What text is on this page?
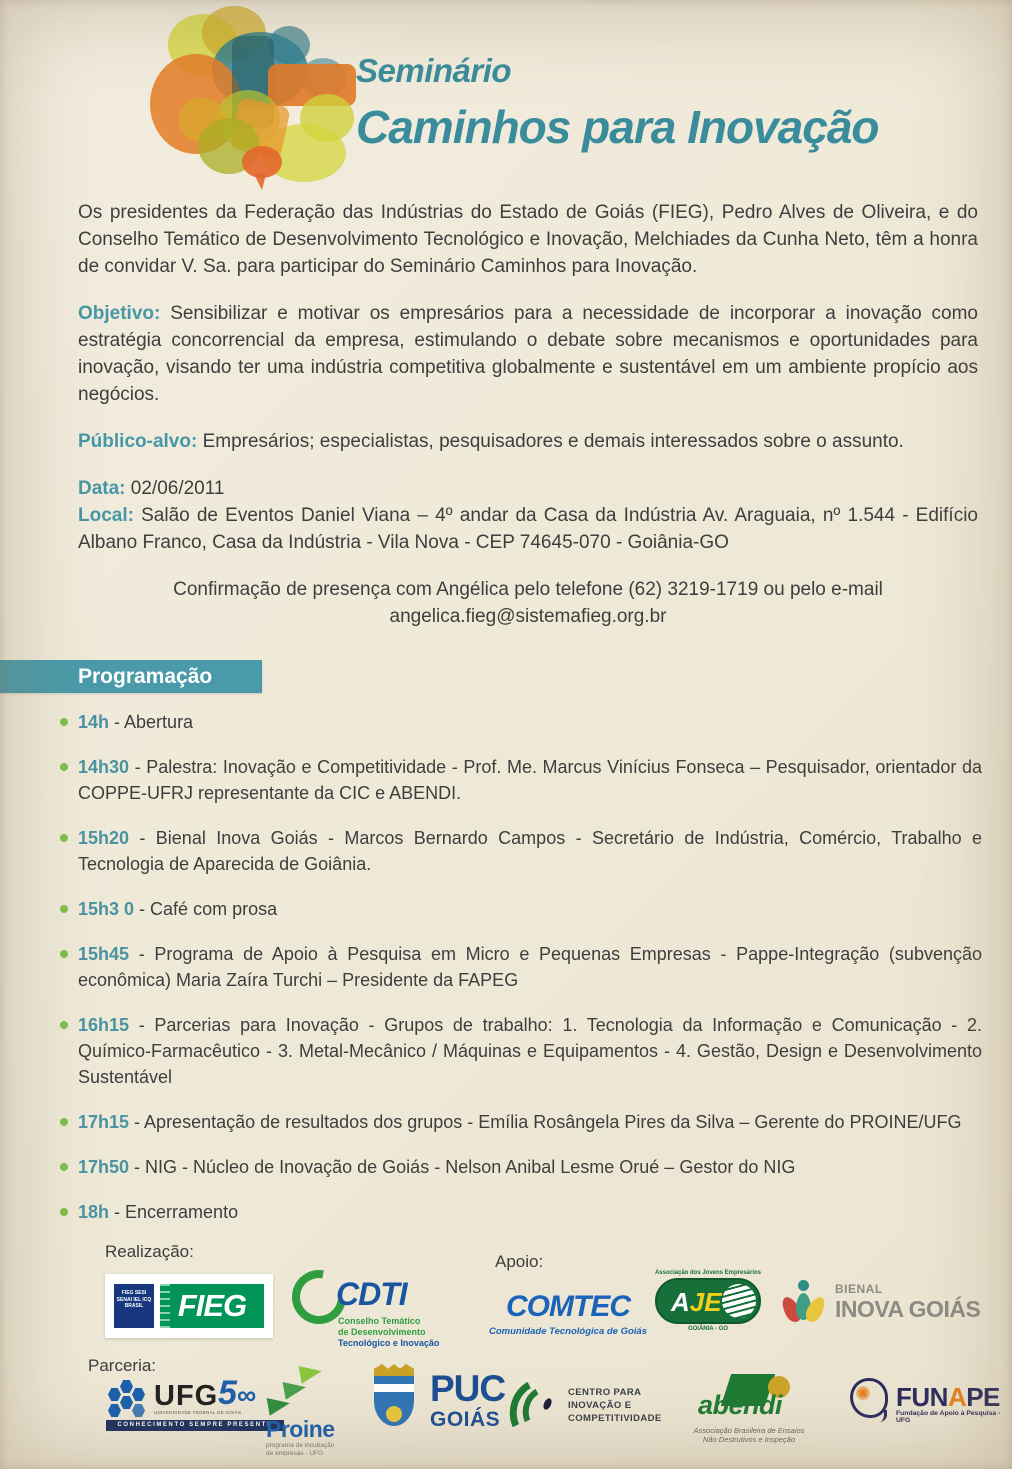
Seminário
Caminhos para Inovação

Os presidentes da Federação das Indústrias do Estado de Goiás (FIEG), Pedro Alves de Oliveira, e do Conselho Temático de Desenvolvimento Tecnológico e Inovação, Melchiades da Cunha Neto, têm a honra de convidar V. Sa. para participar do Seminário Caminhos para Inovação.

Objetivo: Sensibilizar e motivar os empresários para a necessidade de incorporar a inovação como estratégia concorrencial da empresa, estimulando o debate sobre mecanismos e oportunidades para inovação, visando ter uma indústria competitiva globalmente e sustentável em um ambiente propício aos negócios.

Público-alvo: Empresários; especialistas, pesquisadores e demais interessados sobre o assunto.

Data: 02/06/2011
Local: Salão de Eventos Daniel Viana – 4º andar da Casa da Indústria Av. Araguaia, nº 1.544 - Edifício Albano Franco, Casa da Indústria - Vila Nova - CEP 74645-070 - Goiânia-GO

Confirmação de presença com Angélica pelo telefone (62) 3219-1719 ou pelo e-mail
angelica.fieg@sistemafieg.org.br

Programação
14h - Abertura
14h30 - Palestra: Inovação e Competitividade - Prof. Me. Marcus Vinícius Fonseca – Pesquisador, orientador da COPPE-UFRJ representante da CIC e ABENDI.
15h20 - Bienal Inova Goiás - Marcos Bernardo Campos - Secretário de Indústria, Comércio, Trabalho e Tecnologia de Aparecida de Goiânia.
15h3 0 - Café com prosa
15h45 - Programa de Apoio à Pesquisa em Micro e Pequenas Empresas - Pappe-Integração (subvenção econômica) Maria Zaíra Turchi – Presidente da FAPEG
16h15 - Parcerias para Inovação - Grupos de trabalho: 1. Tecnologia da Informação e Comunicação - 2. Químico-Farmacêutico - 3. Metal-Mecânico / Máquinas e Equipamentos - 4. Gestão, Design e Desenvolvimento Sustentável
17h15 - Apresentação de resultados dos grupos - Emília Rosângela Pires da Silva – Gerente do PROINE/UFG
17h50 - NIG - Núcleo de Inovação de Goiás - Nelson Anibal Lesme Orué – Gestor do NIG
18h - Encerramento
Realização:
Apoio:
Parceria:
FIEG SESI SENAI IEL ICQ BRASIL	FIEG	CDTI
Conselho Temático
de Desenvolvimento
Tecnológico e Inovação
COMTEC
Comunidade Tecnológica de Goiás
Associação dos Jovens Empresários
AJE
GOIÂNIA - GO
BIENAL
INOVA GOIÁS
UFG
UNIVERSIDADE FEDERAL DE GOIÁS
5∞
CONHECIMENTO SEMPRE PRESENTE
Proine
programa de incubação
de empresas - UFG
PUC
GOIÁS
CENTRO PARA
INOVAÇÃO E
COMPETITIVIDADE abendi
Associação Brasileira de Ensaios
Não Destrutivos e Inspeção
✺ FUNAPE
Fundação de Apoio à Pesquisa - UFG
